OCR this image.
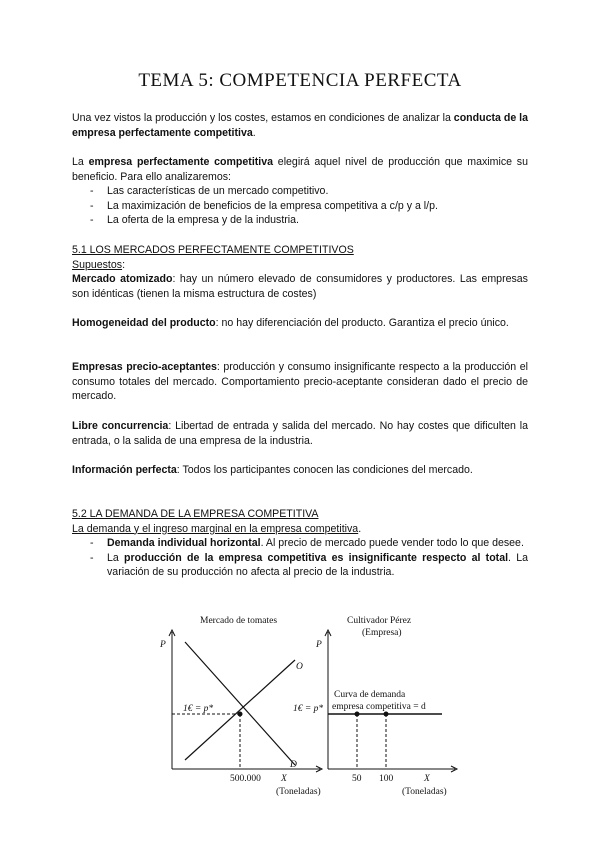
TEMA 5: COMPETENCIA PERFECTA

Una vez vistos la producción y los costes, estamos en condiciones de analizar la conducta de la empresa perfectamente competitiva.

La empresa perfectamente competitiva elegirá aquel nivel de producción que maximice su beneficio. Para ello analizaremos:

- Las características de un mercado competitivo.
- La maximización de beneficios de la empresa competitiva a c/p y a l/p.
- La oferta de la empresa y de la industria.

5.1 LOS MERCADOS PERFECTAMENTE COMPETITIVOS

Supuestos:

Mercado atomizado: hay un número elevado de consumidores y productores. Las empresas son idénticas (tienen la misma estructura de costes)

Homogeneidad del producto: no hay diferenciación del producto. Garantiza el precio único.

Empresas precio-aceptantes: producción y consumo insignificante respecto a la producción el consumo totales del mercado. Comportamiento precio-aceptante consideran dado el precio de mercado.

Libre concurrencia: Libertad de entrada y salida del mercado. No hay costes que dificulten la entrada, o la salida de una empresa de la industria.

Información perfecta: Todos los participantes conocen las condiciones del mercado.

5.2 LA DEMANDA DE LA EMPRESA COMPETITIVA

La demanda y el ingreso marginal en la empresa competitiva.

- Demanda individual horizontal. Al precio de mercado puede vender todo lo que desee.
- La producción de la empresa competitiva es insignificante respecto al total. La variación de su producción no afecta al precio de la industria.
Mercado de tomates	Cultivador Pérez
(Empresa)
P	P
O
D
1€ = p*	1€ = p*
Curva de demanda
empresa competitiva = d
500.000	50 100
X	X
(Toneladas)	(Toneladas)
